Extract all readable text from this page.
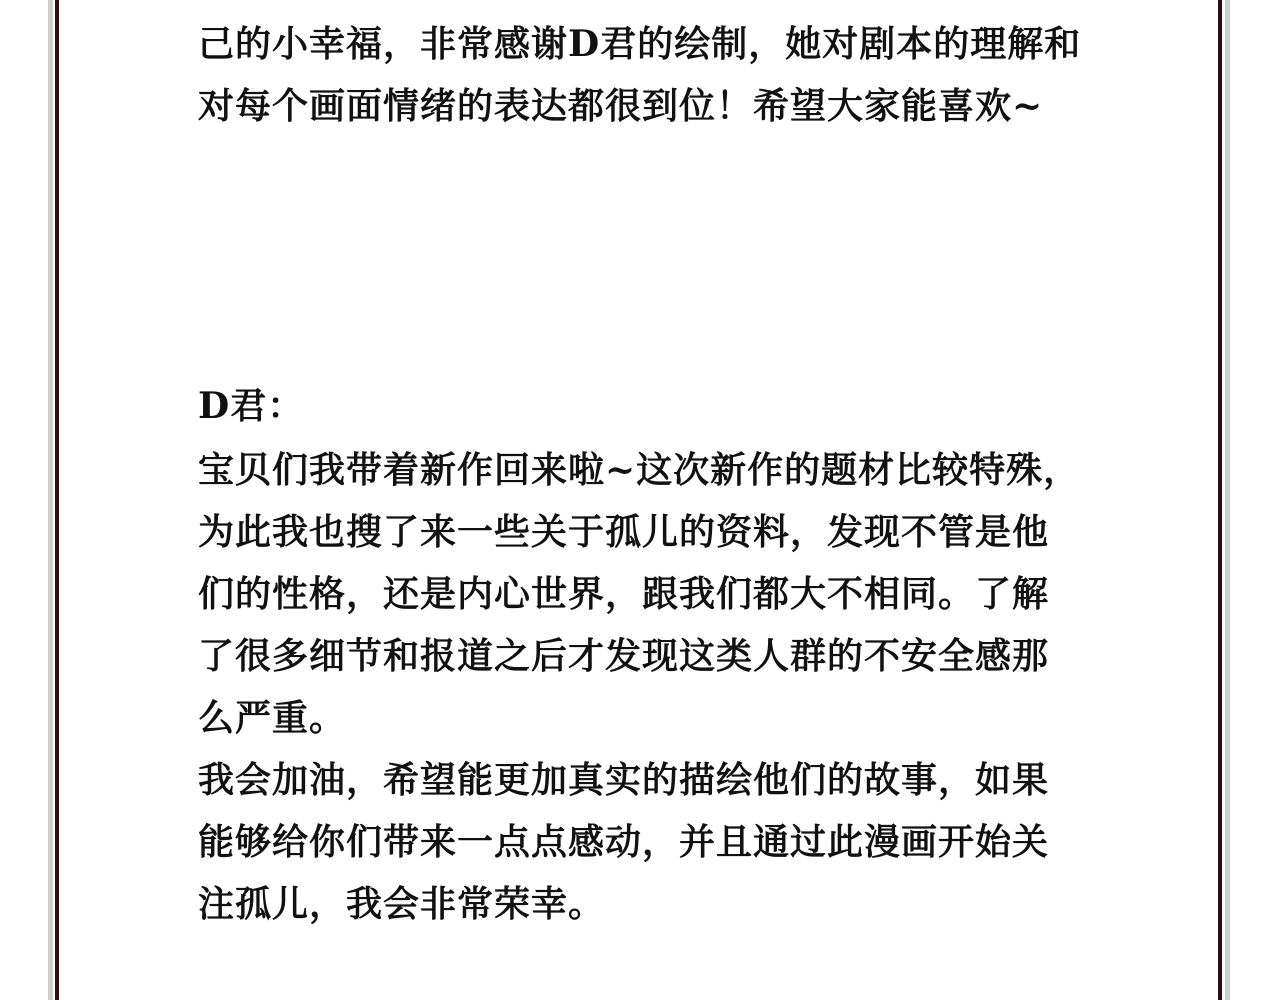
己的小幸福，非常感谢D君的绘制，她对剧本的理解和

对每个画面情绪的表达都很到位！希望大家能喜欢~

D君：

宝贝们我带着新作回来啦~这次新作的题材比较特殊，

为此我也搜了来一些关于孤儿的资料，发现不管是他

们的性格，还是内心世界，跟我们都大不相同。了解

了很多细节和报道之后才发现这类人群的不安全感那

么严重。

我会加油，希望能更加真实的描绘他们的故事，如果

能够给你们带来一点点感动，并且通过此漫画开始关

注孤儿，我会非常荣幸。
